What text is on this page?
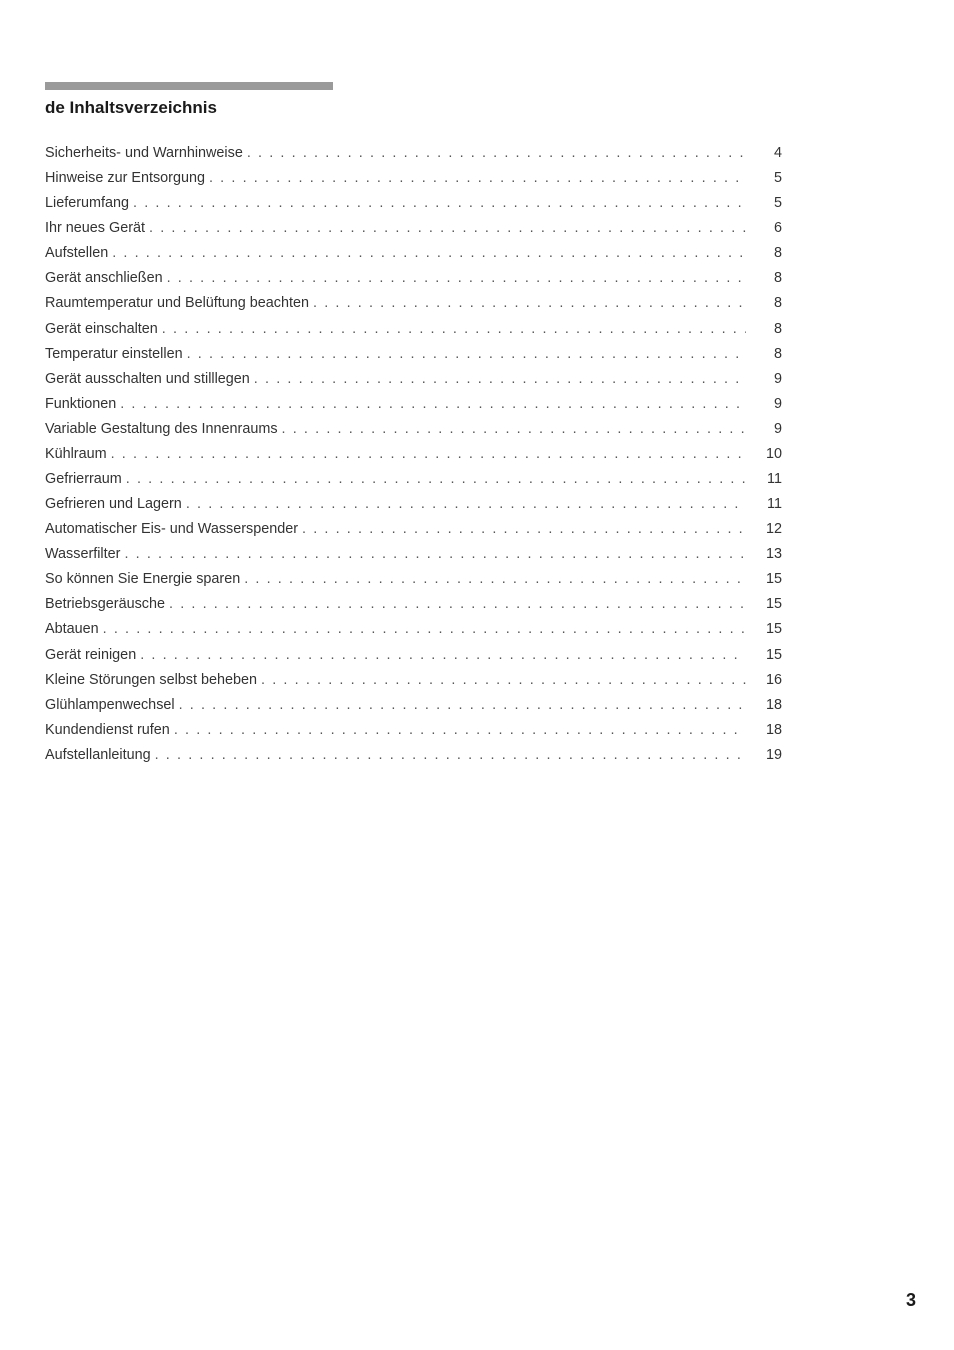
de Inhaltsverzeichnis
Sicherheits- und Warnhinweise . . .	4
Hinweise zur Entsorgung . . .	5
Lieferumfang . . .	5
Ihr neues Gerät . . .	6
Aufstellen . . .	8
Gerät anschließen . . .	8
Raumtemperatur und Belüftung beachten . . .	8
Gerät einschalten . . .	8
Temperatur einstellen . . .	8
Gerät ausschalten und stilllegen . . .	9
Funktionen . . .	9
Variable Gestaltung des Innenraums . . .	9
Kühlraum . . .	10
Gefrierraum . . .	11
Gefrieren und Lagern . . .	11
Automatischer Eis- und Wasserspender . . .	12
Wasserfilter . . .	13
So können Sie Energie sparen . . .	15
Betriebsgeräusche . . .	15
Abtauen . . .	15
Gerät reinigen . . .	15
Kleine Störungen selbst beheben . . .	16
Glühlampenwechsel . . .	18
Kundendienst rufen . . .	18
Aufstellanleitung . . .	19
3
